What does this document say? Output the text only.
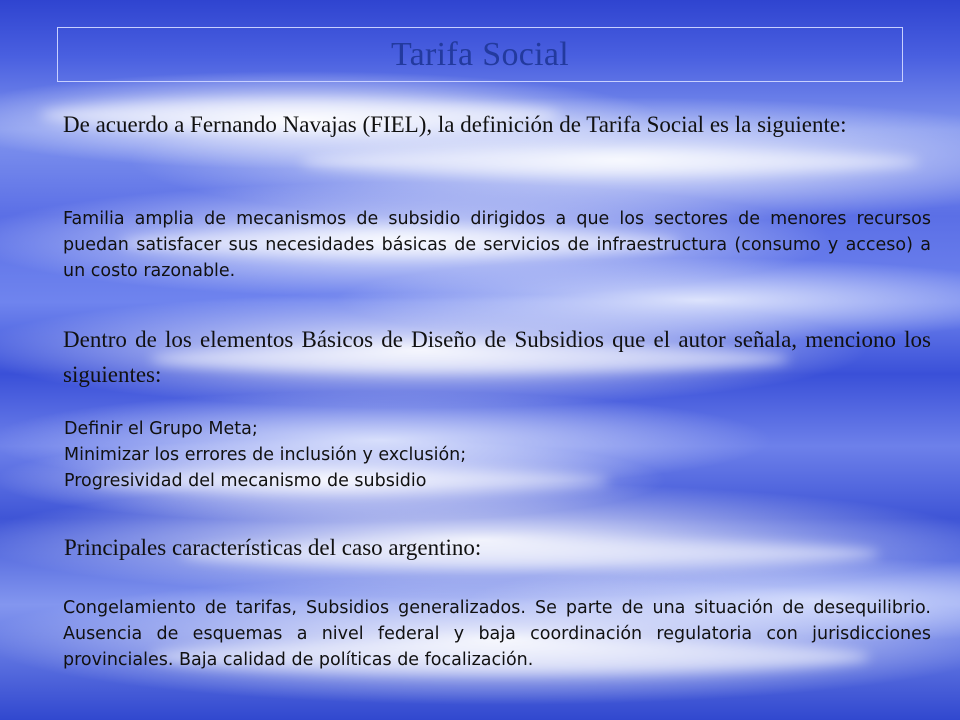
Tarifa Social

De acuerdo a Fernando Navajas (FIEL), la definición de Tarifa Social es la siguiente:

Familia amplia de mecanismos de subsidio dirigidos a que los sectores de menores recursos puedan satisfacer sus necesidades básicas de servicios de infraestructura (consumo y acceso) a un costo razonable.

Dentro de los elementos Básicos de Diseño de Subsidios que el autor señala, menciono los siguientes:

Definir el Grupo Meta;

Minimizar los errores de inclusión y exclusión;

Progresividad del mecanismo de subsidio

Principales características del caso argentino:

Congelamiento de tarifas, Subsidios generalizados. Se parte de una situación de desequilibrio. Ausencia de esquemas a nivel federal y baja coordinación regulatoria con jurisdicciones provinciales. Baja calidad de políticas de focalización.
